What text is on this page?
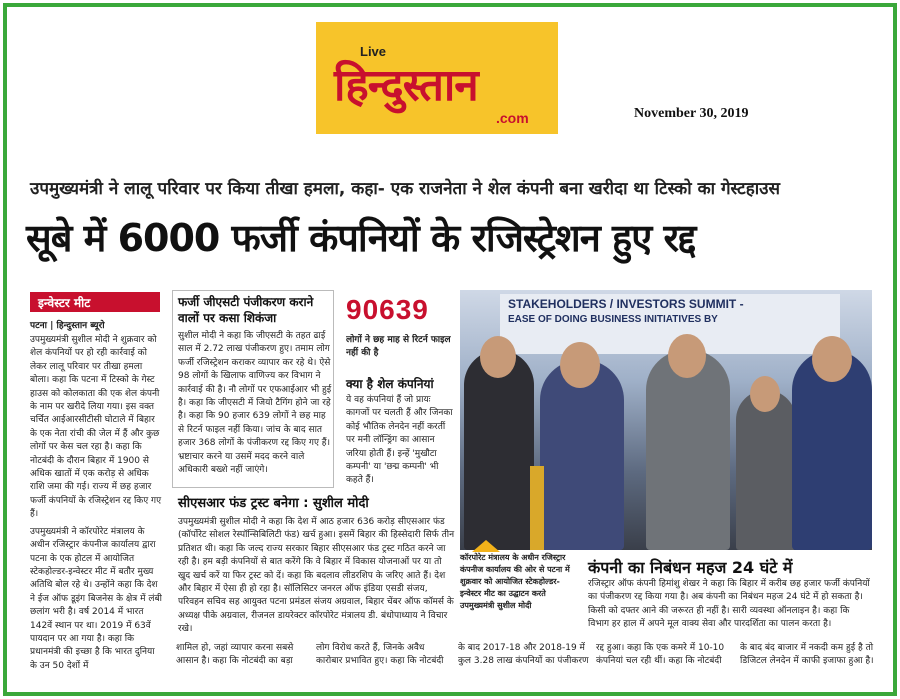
Live
हिन्दुस्तान
.com	November 30, 2019
उपमुख्यमंत्री ने लालू परिवार पर किया तीखा हमला, कहा- एक राजनेता ने शेल कंपनी बना खरीदा था टिस्को का गेस्टहाउस
सूबे में 6000 फर्जी कंपनियों के रजिस्ट्रेशन हुए रद्द
इन्वेस्टर मीट
पटना | हिन्दुस्तान ब्यूरो

उपमुख्यमंत्री सुशील मोदी ने शुक्रवार को शेल कंपनियों पर हो रही कार्रवाई को लेकर लालू परिवार पर तीखा हमला बोला। कहा कि पटना में टिस्को के गेस्ट हाउस को कोलकाता की एक शेल कंपनी के नाम पर खरीदे लिया गया। इस वक्त चर्चित आईआरसीटीसी घोटाले में बिहार के एक नेता रांची की जेल में हैं और कुछ लोगों पर केस चल रहा है। कहा कि नोटबंदी के दौरान बिहार में 1900 से अधिक खातों में एक करोड़ से अधिक राशि जमा की गई। राज्य में छह हजार फर्जी कंपनियों के रजिस्ट्रेशन रद्द किए गए हैं।

उपमुख्यमंत्री ने कॉरपोरेट मंत्रालय के अधीन रजिस्ट्रार कंपनीज कार्यालय द्वारा पटना के एक होटल में आयोजित स्टेकहोल्डर-इन्वेस्टर मीट में बतौर मुख्य अतिथि बोल रहे थे। उन्होंने कहा कि देश ने ईज ऑफ डूइंग बिजनेस के क्षेत्र में लंबी छलांग भरी है। वर्ष 2014 में भारत 142वें स्थान पर था। 2019 में 63वें पायदान पर आ गया है। कहा कि प्रधानमंत्री की इच्छा है कि भारत दुनिया के उन 50 देशों में

फर्जी जीएसटी पंजीकरण कराने वालों पर कसा शिकंजा
सुशील मोदी ने कहा कि जीएसटी के तहत ढाई साल में 2.72 लाख पंजीकरण हुए। तमाम लोग फर्जी रजिस्ट्रेशन कराकर व्यापार कर रहे थे। ऐसे 98 लोगों के खिलाफ वाणिज्य कर विभाग ने कार्रवाई की है। नौ लोगों पर एफआईआर भी हुई है। कहा कि जीएसटी में जियो टैगिंग होने जा रहे है। कहा कि 90 हजार 639 लोगों ने छह माह से रिटर्न फाइल नहीं किया। जांच के बाद सात हजार 368 लोगों के पंजीकरण रद्द किए गए हैं। भ्रष्टाचार करने या उसमें मदद करने वाले अधिकारी बख्शे नहीं जाएंगे।
90639
लोगों ने छह माह से रिटर्न फाइल नहीं की है
क्या है शेल कंपनियां
ये वह कंपनियां हैं जो प्रायः कागजों पर चलती हैं और जिनका कोई भौतिक लेनदेन नहीं करतीं पर मनी लॉन्ड्रिंग का आसान जरिया होती हैं। इन्हें 'मुखौटा कम्पनी' या 'छद्म कम्पनी' भी कहते हैं।
सीएसआर फंड ट्रस्ट बनेगा : सुशील मोदी
उपमुख्यमंत्री सुशील मोदी ने कहा कि देश में आठ हजार 636 करोड़ सीएसआर फंड (कॉर्पोरेट सोशल रेस्पॉन्सिबिलिटी फंड) खर्च हुआ। इसमें बिहार की हिस्सेदारी सिर्फ तीन प्रतिशत थी। कहा कि जल्द राज्य सरकार बिहार सीएसआर फंड ट्रस्ट गठित करने जा रही है। हम बड़ी कंपनियों से बात करेंगे कि वे बिहार में विकास योजनाओं पर या तो खुद खर्च करें या फिर ट्रस्ट को दें। कहा कि बदलाव लीडरशिप के जरिए आते हैं। देश और बिहार में ऐसा ही हो रहा है। सॉलिसिटर जनरल ऑफ इंडिया एसडी संजय, परिवहन सचिव सह आयुक्त पटना प्रमंडल संजय अग्रवाल, बिहार चेंबर ऑफ कॉमर्स के अध्यक्ष पीके अग्रवाल, रीजनल डायरेक्टर कॉरपोरेट मंत्रालय डी. बंधोपाध्याय ने विचार रखे।
STAKEHOLDERS / INVESTORS SUMMIT -
EASE OF DOING BUSINESS INITIATIVES BY
कॉरपोरेट मंत्रालय के अधीन रजिस्ट्रार कंपनीज कार्यालय की ओर से पटना में शुक्रवार को आयोजित स्टेकहोल्डर-इन्वेस्टर मीट का उद्घाटन करते उपमुख्यमंत्री सुशील मोदी
कंपनी का निबंधन महज 24 घंटे में
रजिस्ट्रार ऑफ कंपनी हिमांशु शेखर ने कहा कि बिहार में करीब छह हजार फर्जी कंपनियों का पंजीकरण रद्द किया गया है। अब कंपनी का निबंधन महज 24 घंटे में हो सकता है। किसी को दफ्तर आने की जरूरत ही नहीं है। सारी व्यवस्था ऑनलाइन है। कहा कि विभाग हर हाल में अपने मूल वाक्य सेवा और पारदर्शिता का पालन करता है।
शामिल हो, जहां व्यापार करना सबसे आसान है। कहा कि नोटबंदी का बड़ा
लोग विरोध करते हैं, जिनके अवैध कारोबार प्रभावित हुए। कहा कि नोटबंदी
के बाद 2017-18 और 2018-19 में कुल 3.28 लाख कंपनियों का पंजीकरण
रद्द हुआ। कहा कि एक कमरे में 10-10 कंपनियां चल रही थीं। कहा कि नोटबंदी
के बाद बंद बाजार में नकदी कम हुई है तो डिजिटल लेनदेन में काफी इजाफा हुआ है।
